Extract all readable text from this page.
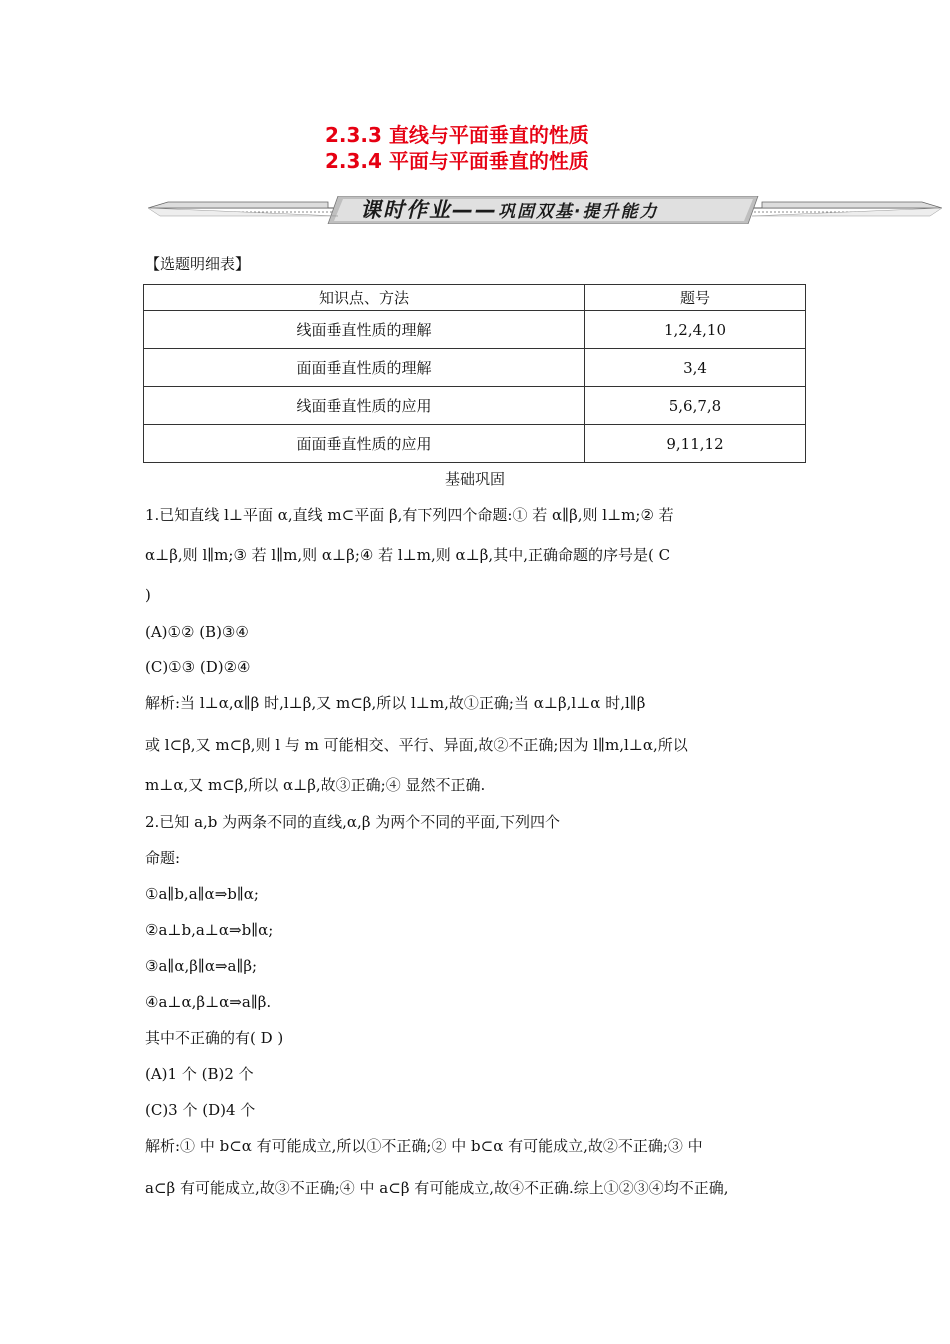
2.3.3 直线与平面垂直的性质
2.3.4 平面与平面垂直的性质
课时作业——巩固双基·提升能力
【选题明细表】
知识点、方法	题号
线面垂直性质的理解	1,2,4,10
面面垂直性质的理解	3,4
线面垂直性质的应用	5,6,7,8
面面垂直性质的应用	9,11,12
基础巩固
1.已知直线 l⊥平面 α,直线 m⊂平面 β,有下列四个命题:① 若 α∥β,则 l⊥m;② 若
α⊥β,则 l∥m;③ 若 l∥m,则 α⊥β;④ 若 l⊥m,则 α⊥β,其中,正确命题的序号是( C
)
(A)①② (B)③④
(C)①③ (D)②④
解析:当 l⊥α,α∥β 时,l⊥β,又 m⊂β,所以 l⊥m,故①正确;当 α⊥β,l⊥α 时,l∥β
或 l⊂β,又 m⊂β,则 l 与 m 可能相交、平行、异面,故②不正确;因为 l∥m,l⊥α,所以
m⊥α,又 m⊂β,所以 α⊥β,故③正确;④ 显然不正确.
2.已知 a,b 为两条不同的直线,α,β 为两个不同的平面,下列四个
命题:
①a∥b,a∥α⇒b∥α;
②a⊥b,a⊥α⇒b∥α;
③a∥α,β∥α⇒a∥β;
④a⊥α,β⊥α⇒a∥β.
其中不正确的有( D )
(A)1 个 (B)2 个
(C)3 个 (D)4 个
解析:① 中 b⊂α 有可能成立,所以①不正确;② 中 b⊂α 有可能成立,故②不正确;③ 中
a⊂β 有可能成立,故③不正确;④ 中 a⊂β 有可能成立,故④不正确.综上①②③④均不正确,
